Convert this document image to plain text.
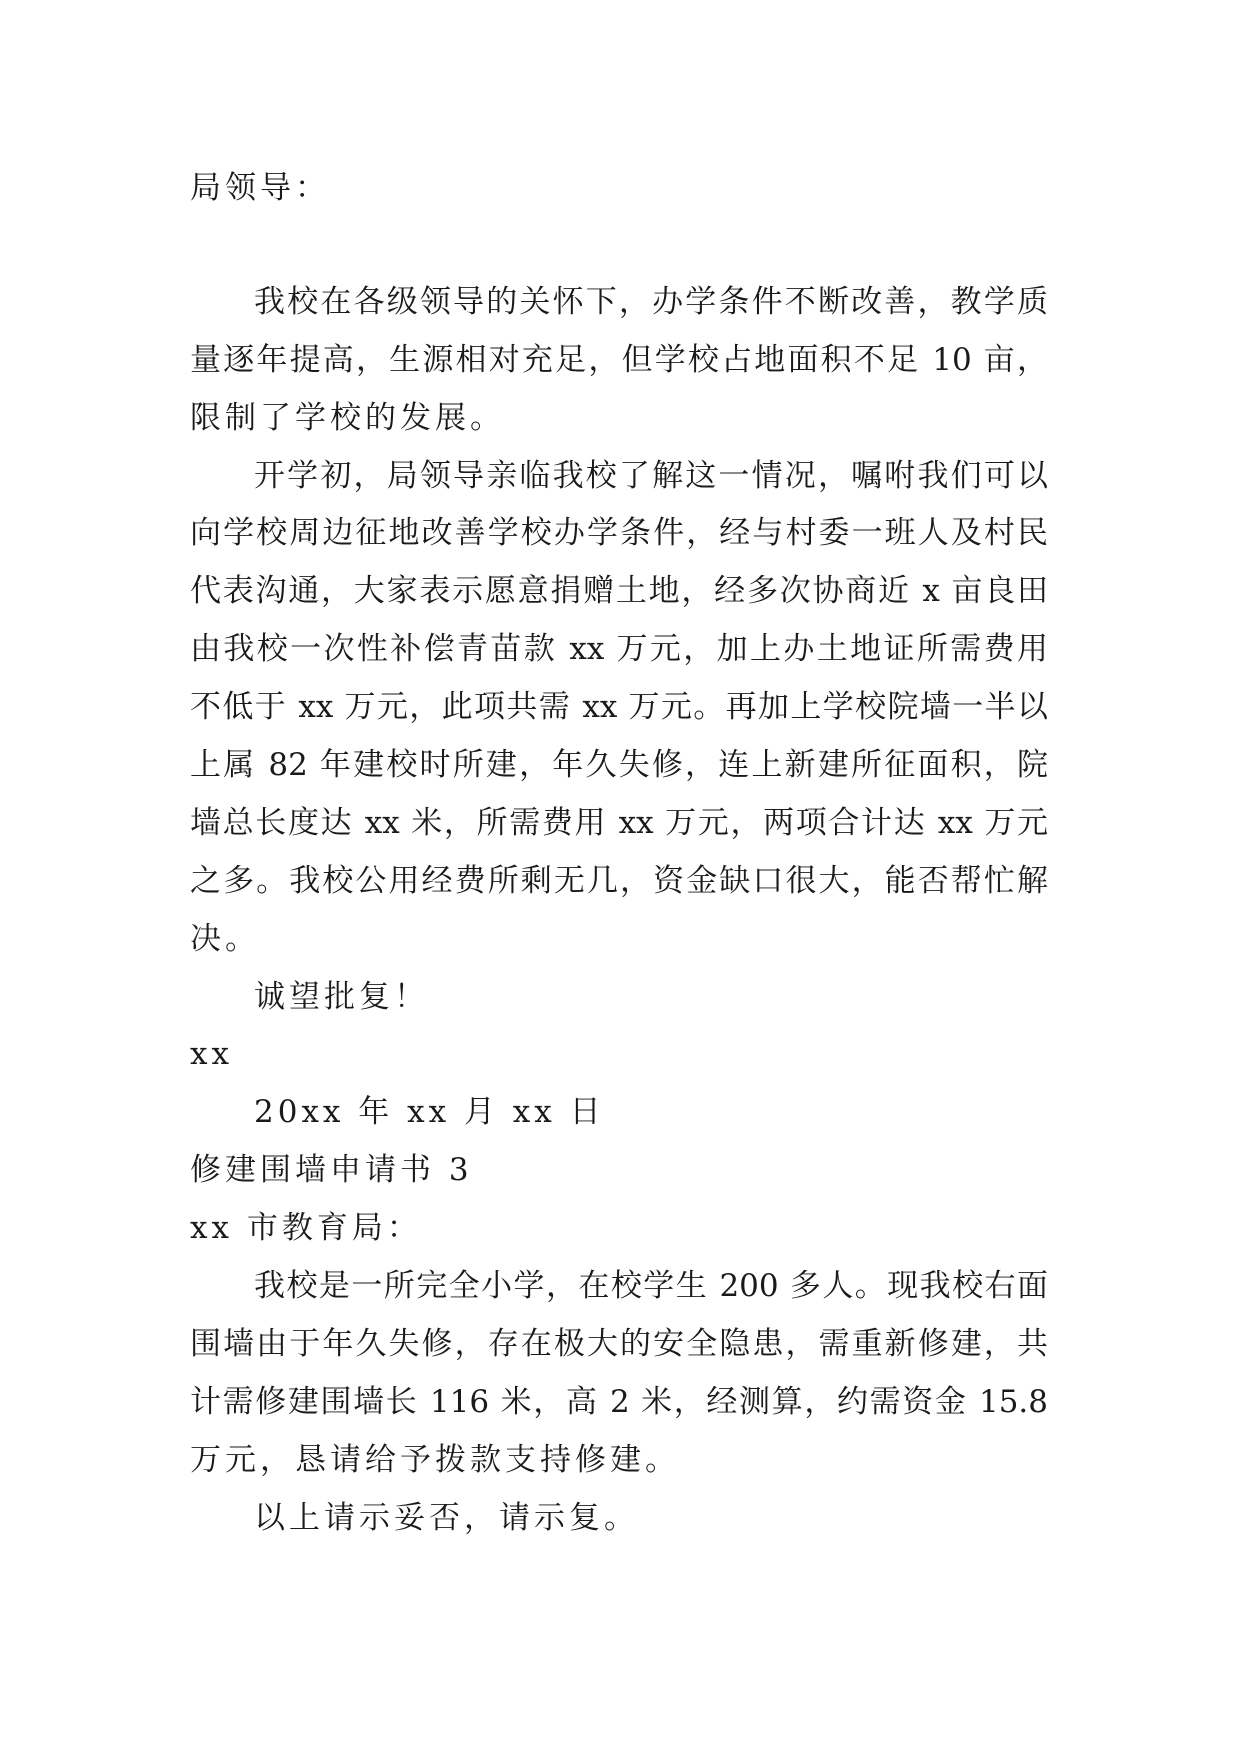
局领导：
我校在各级领导的关怀下，办学条件不断改善，教学质
量逐年提高，生源相对充足，但学校占地面积不足 10 亩，
限制了学校的发展。
开学初，局领导亲临我校了解这一情况，嘱咐我们可以
向学校周边征地改善学校办学条件，经与村委一班人及村民
代表沟通，大家表示愿意捐赠土地，经多次协商近 x 亩良田
由我校一次性补偿青苗款 xx 万元，加上办土地证所需费用
不低于 xx 万元，此项共需 xx 万元。再加上学校院墙一半以
上属 82 年建校时所建，年久失修，连上新建所征面积，院
墙总长度达 xx 米，所需费用 xx 万元，两项合计达 xx 万元
之多。我校公用经费所剩无几，资金缺口很大，能否帮忙解
决。
诚望批复！
xx
20xx 年 xx 月 xx 日
修建围墙申请书 3
xx 市教育局：
我校是一所完全小学，在校学生 200 多人。现我校右面
围墙由于年久失修，存在极大的安全隐患，需重新修建，共
计需修建围墙长 116 米，高 2 米，经测算，约需资金 15.8
万元，恳请给予拨款支持修建。
以上请示妥否，请示复。
